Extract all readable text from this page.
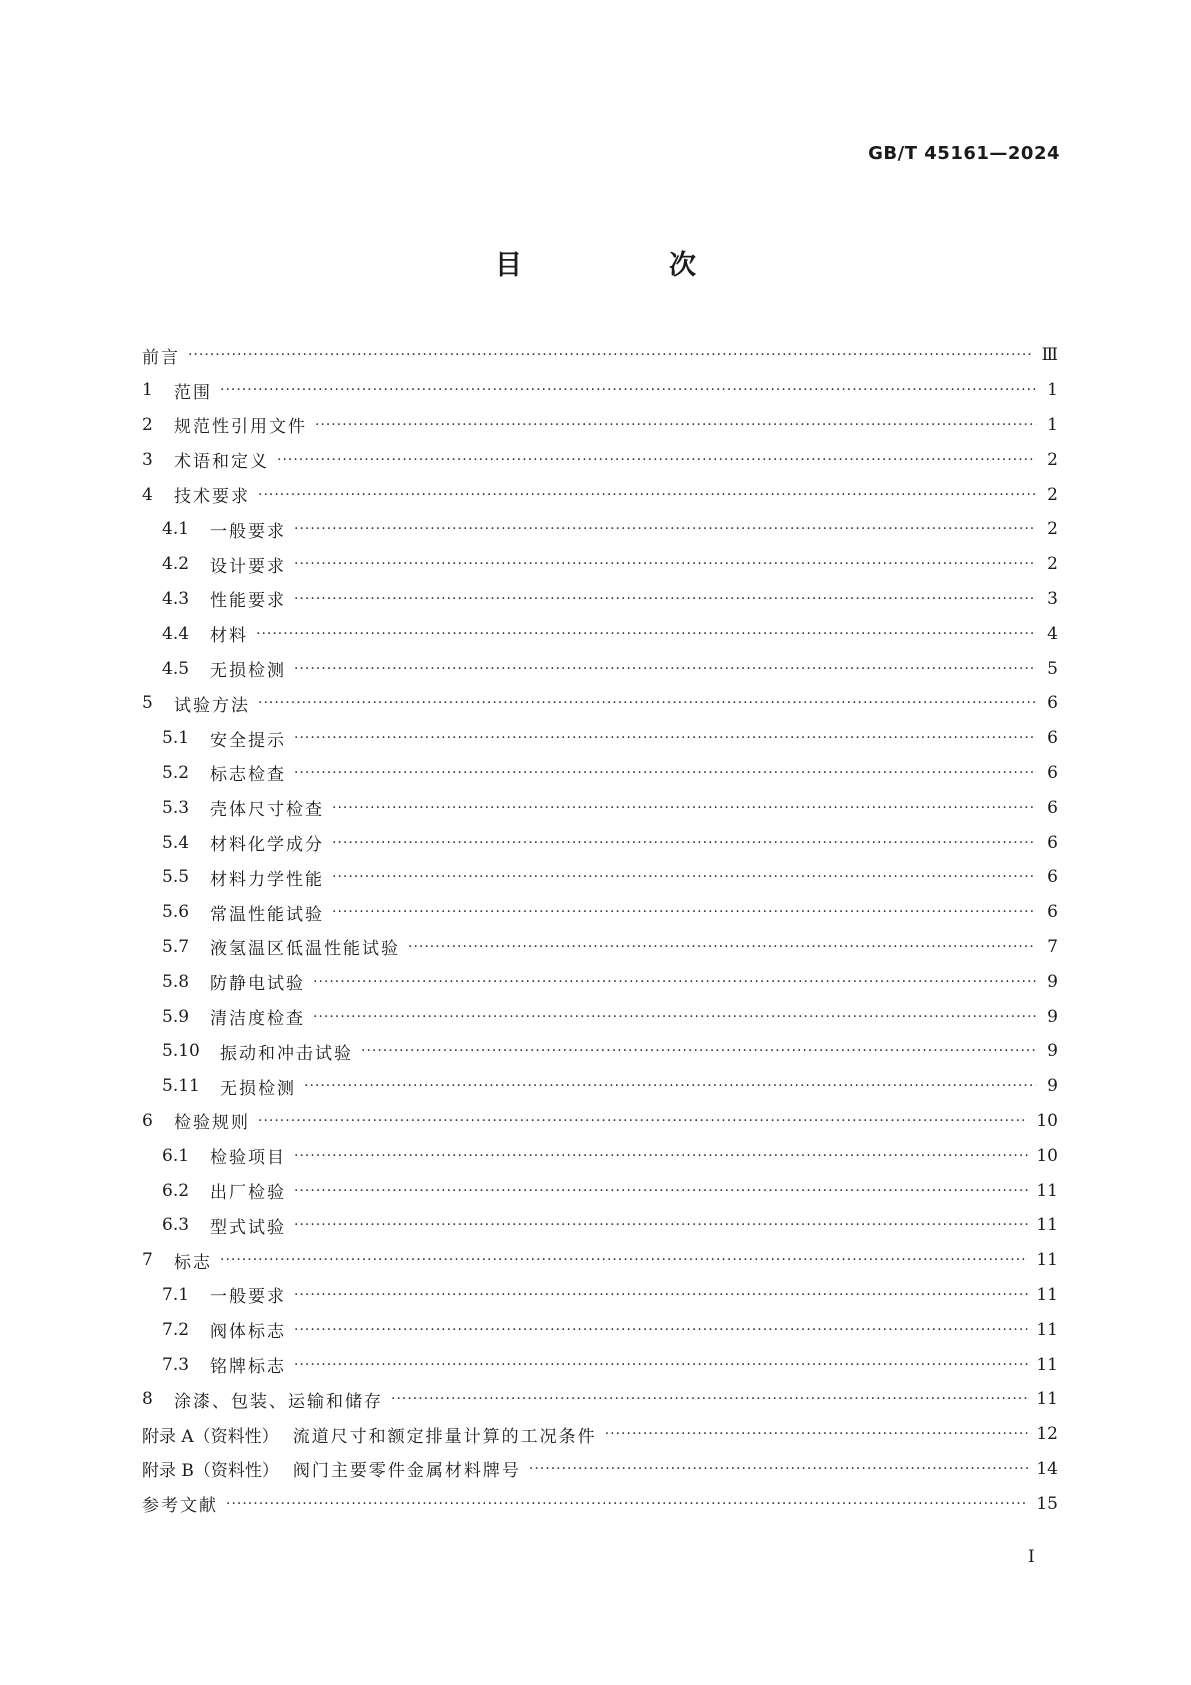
GB/T 45161—2024
目　次
前言 ·····	Ⅲ
1	范围 ·····	1
2	规范性引用文件 ·····	1
3	术语和定义 ·····	2
4	技术要求 ·····	2
4.1	一般要求 ·····	2
4.2	设计要求 ·····	2
4.3	性能要求 ·····	3
4.4	材料 ·····	4
4.5	无损检测 ·····	5
5	试验方法 ·····	6
5.1	安全提示 ·····	6
5.2	标志检查 ·····	6
5.3	壳体尺寸检查 ·····	6
5.4	材料化学成分 ·····	6
5.5	材料力学性能 ·····	6
5.6	常温性能试验 ·····	6
5.7	液氢温区低温性能试验 ·····	7
5.8	防静电试验 ·····	9
5.9	清洁度检查 ·····	9
5.10	振动和冲击试验 ·····	9
5.11	无损检测 ·····	9
6	检验规则 ·····	10
6.1	检验项目 ·····	10
6.2	出厂检验 ·····	11
6.3	型式试验 ·····	11
7	标志 ·····	11
7.1	一般要求 ·····	11
7.2	阀体标志 ·····	11
7.3	铭牌标志 ·····	11
8	涂漆、包装、运输和储存 ·····	11
附录 A（资料性） 流道尺寸和额定排量计算的工况条件 ·····	12
附录 B（资料性） 阀门主要零件金属材料牌号 ·····	14
参考文献 ·····	15
I
